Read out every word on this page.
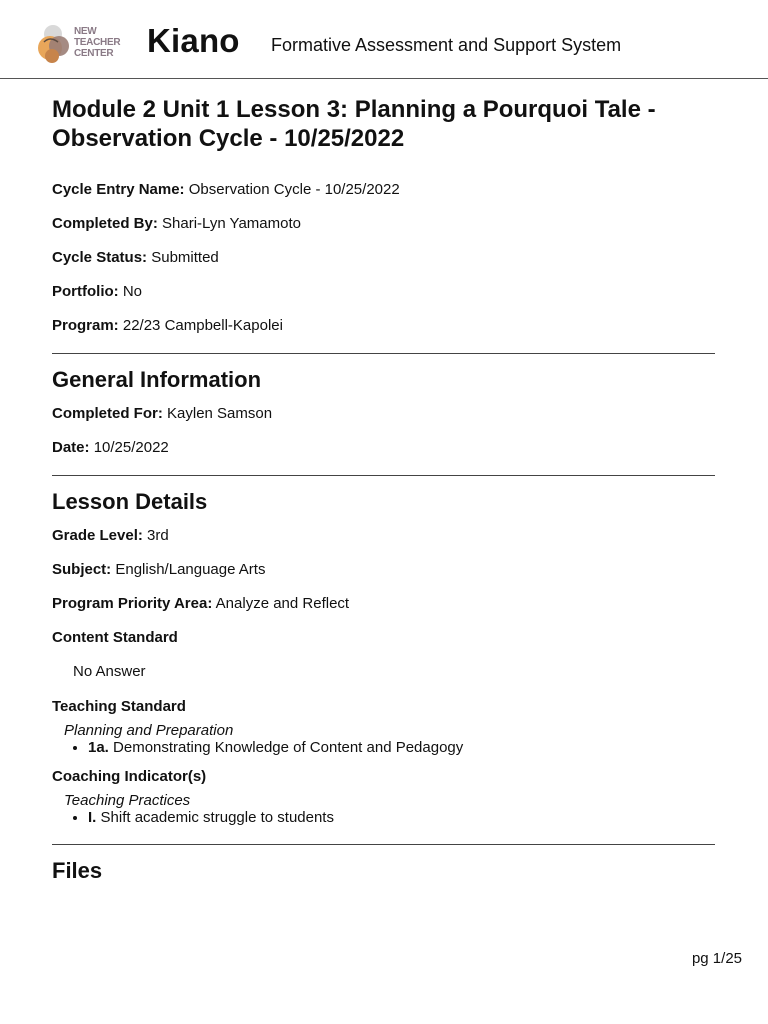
NEW
TEACHER
CENTER Kiano Formative Assessment and Support System
Module 2 Unit 1 Lesson 3: Planning a Pourquoi Tale - Observation Cycle - 10/25/2022
Cycle Entry Name: Observation Cycle - 10/25/2022
Completed By: Shari-Lyn Yamamoto
Cycle Status: Submitted
Portfolio: No
Program: 22/23 Campbell-Kapolei
General Information
Completed For: Kaylen Samson
Date: 10/25/2022
Lesson Details
Grade Level: 3rd
Subject: English/Language Arts
Program Priority Area: Analyze and Reflect
Content Standard
No Answer
Teaching Standard
Planning and Preparation
• 1a. Demonstrating Knowledge of Content and Pedagogy
Coaching Indicator(s)
Teaching Practices
• I. Shift academic struggle to students
Files
pg 1/25
